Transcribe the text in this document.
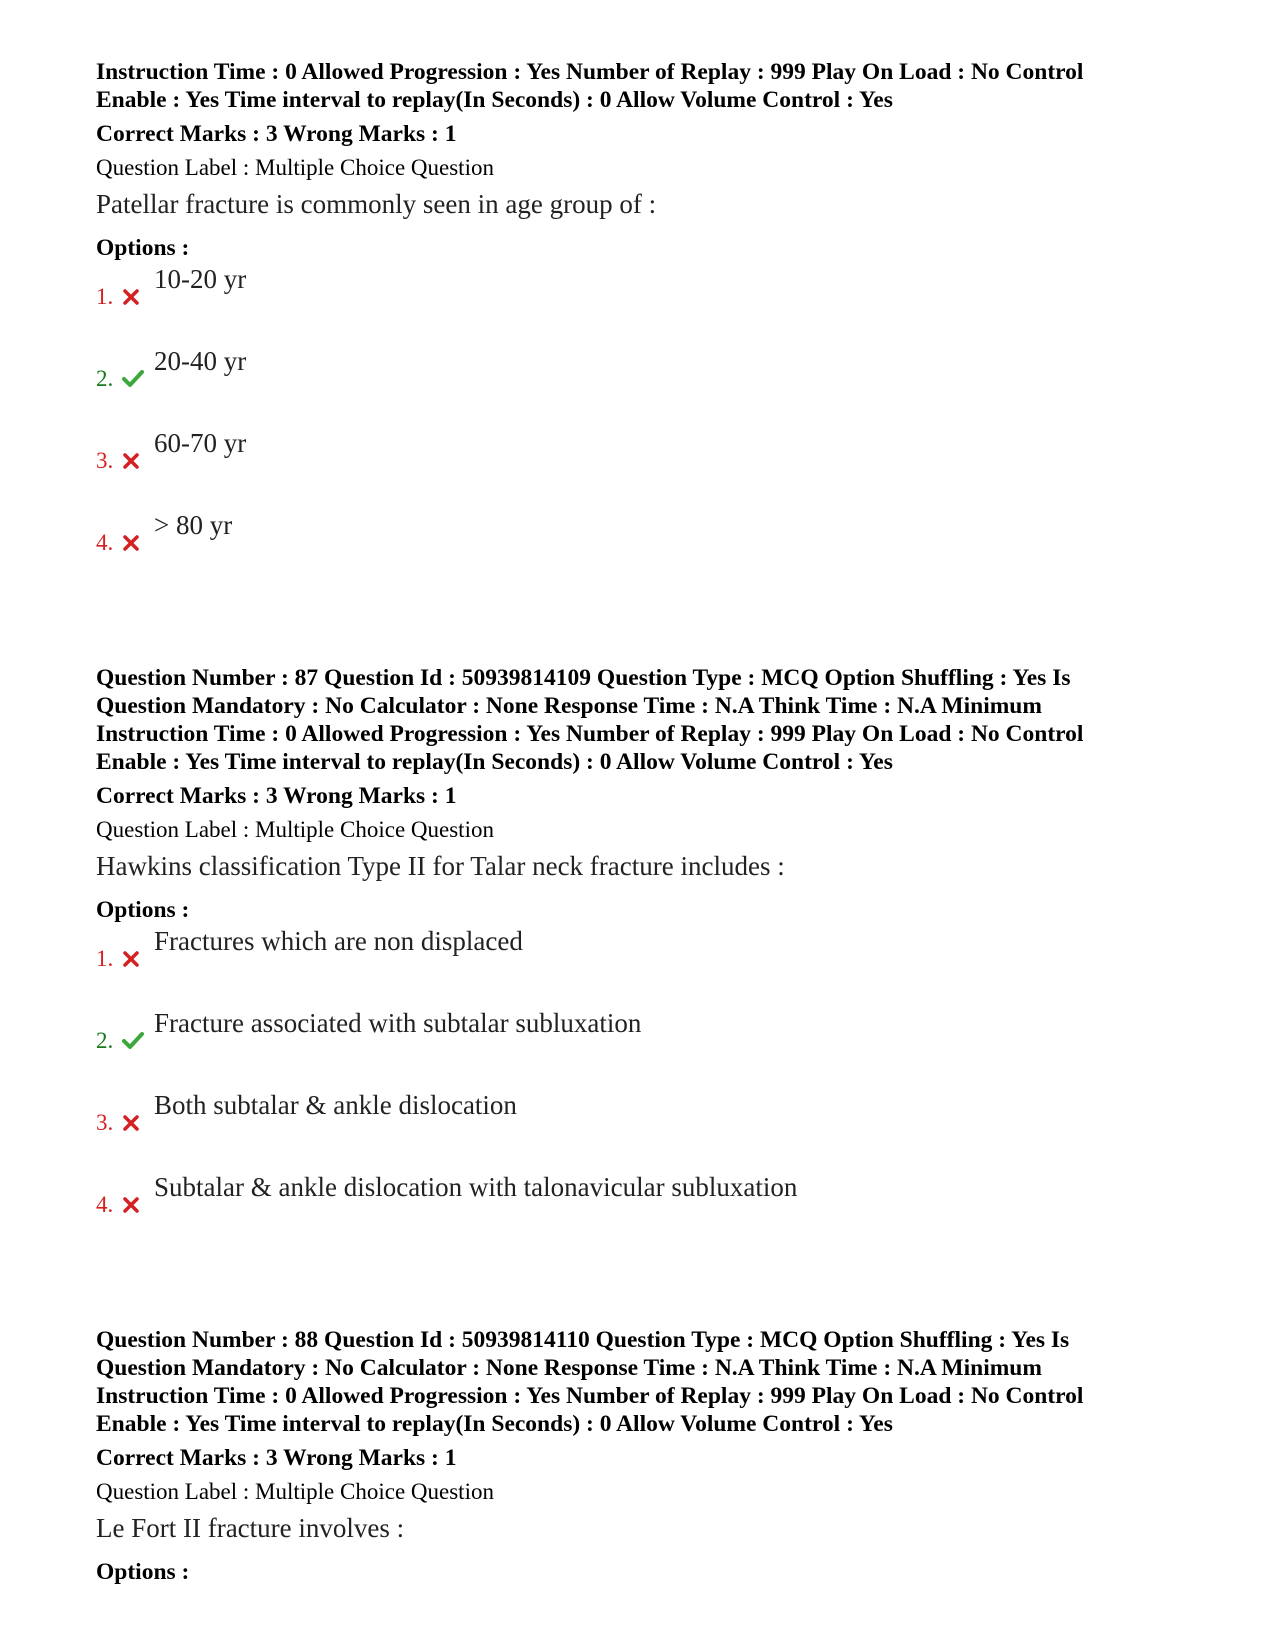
Instruction Time : 0 Allowed Progression : Yes Number of Replay : 999 Play On Load : No Control
Enable : Yes Time interval to replay(In Seconds) : 0 Allow Volume Control : Yes
Correct Marks : 3 Wrong Marks : 1
Question Label : Multiple Choice Question
Patellar fracture is commonly seen in age group of :
Options :
1.
10-20 yr
2.
20-40 yr
3.
60-70 yr
4.
> 80 yr
Question Number : 87 Question Id : 50939814109 Question Type : MCQ Option Shuffling : Yes Is
Question Mandatory : No Calculator : None Response Time : N.A Think Time : N.A Minimum
Instruction Time : 0 Allowed Progression : Yes Number of Replay : 999 Play On Load : No Control
Enable : Yes Time interval to replay(In Seconds) : 0 Allow Volume Control : Yes
Correct Marks : 3 Wrong Marks : 1
Question Label : Multiple Choice Question
Hawkins classification Type II for Talar neck fracture includes :
Options :
1.
Fractures which are non displaced
2.
Fracture associated with subtalar subluxation
3.
Both subtalar & ankle dislocation
4.
Subtalar & ankle dislocation with talonavicular subluxation
Question Number : 88 Question Id : 50939814110 Question Type : MCQ Option Shuffling : Yes Is
Question Mandatory : No Calculator : None Response Time : N.A Think Time : N.A Minimum
Instruction Time : 0 Allowed Progression : Yes Number of Replay : 999 Play On Load : No Control
Enable : Yes Time interval to replay(In Seconds) : 0 Allow Volume Control : Yes
Correct Marks : 3 Wrong Marks : 1
Question Label : Multiple Choice Question
Le Fort II fracture involves :
Options :
